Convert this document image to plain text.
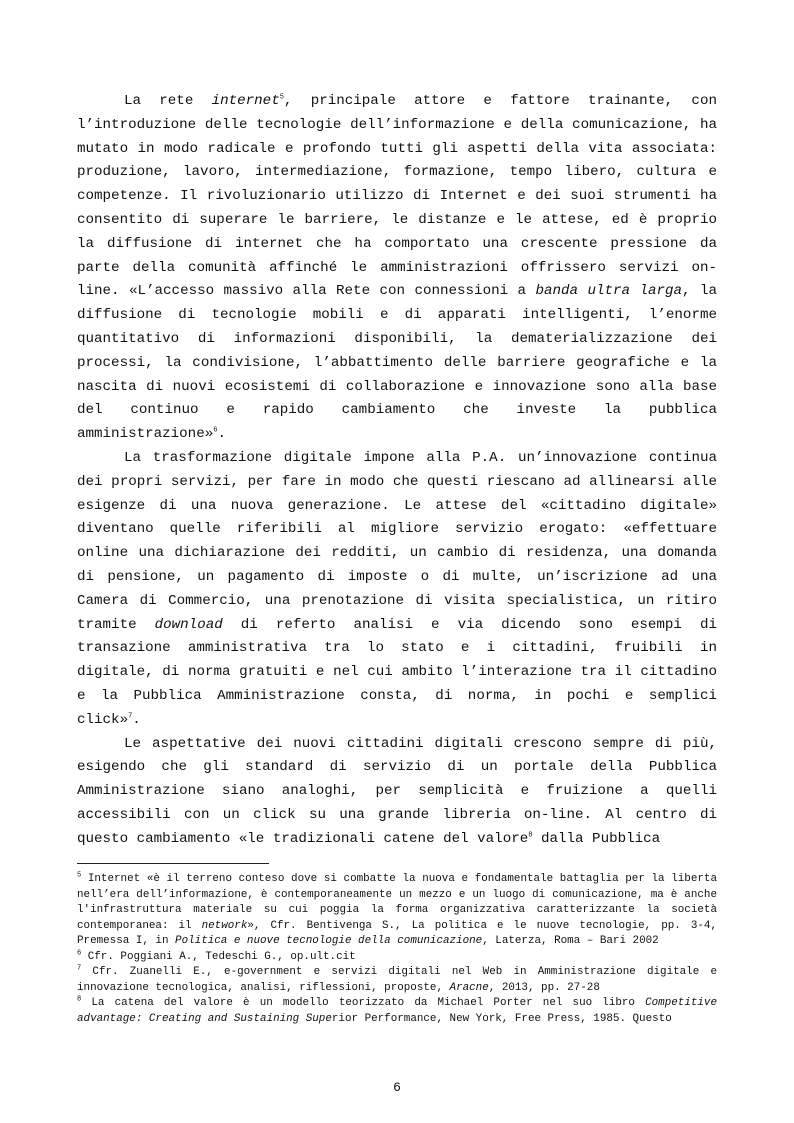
La rete internet$^5$, principale attore e fattore trainante, con l’introduzione delle tecnologie dell’informazione e della comunicazione, ha mutato in modo radicale e profondo tutti gli aspetti della vita associata: produzione, lavoro, intermediazione, formazione, tempo libero, cultura e competenze. Il rivoluzionario utilizzo di Internet e dei suoi strumenti ha consentito di superare le barriere, le distanze e le attese, ed è proprio la diffusione di internet che ha comportato una crescente pressione da parte della comunità affinché le amministrazioni offrissero servizi on-line. «L’accesso massivo alla Rete con connessioni a banda ultra larga, la diffusione di tecnologie mobili e di apparati intelligenti, l’enorme quantitativo di informazioni disponibili, la dematerializzazione dei processi, la condivisione, l’abbattimento delle barriere geografiche e la nascita di nuovi ecosistemi di collaborazione e innovazione sono alla base del continuo e rapido cambiamento che investe la pubblica amministrazione»$^6$.

La trasformazione digitale impone alla P.A. un’innovazione continua dei propri servizi, per fare in modo che questi riescano ad allinearsi alle esigenze di una nuova generazione. Le attese del «cittadino digitale» diventano quelle riferibili al migliore servizio erogato: «effettuare online una dichiarazione dei redditi, un cambio di residenza, una domanda di pensione, un pagamento di imposte o di multe, un’iscrizione ad una Camera di Commercio, una prenotazione di visita specialistica, un ritiro tramite download di referto analisi e via dicendo sono esempi di transazione amministrativa tra lo stato e i cittadini, fruibili in digitale, di norma gratuiti e nel cui ambito l’interazione tra il cittadino e la Pubblica Amministrazione consta, di norma, in pochi e semplici click»$^7$.

Le aspettative dei nuovi cittadini digitali crescono sempre di più, esigendo che gli standard di servizio di un portale della Pubblica Amministrazione siano analoghi, per semplicità e fruizione a quelli accessibili con un click su una grande libreria on-line. Al centro di questo cambiamento «le tradizionali catene del valore$^8$ dalla Pubblica

$^5$ Internet «è il terreno conteso dove si combatte la nuova e fondamentale battaglia per la liberta nell’era dell’informazione, è contemporaneamente un mezzo e un luogo di comunicazione, ma è anche l'infrastruttura materiale su cui poggia la forma organizzativa caratterizzante la società contemporanea: il network», Cfr. Bentivenga S., La politica e le nuove tecnologie, pp. 3-4, Premessa I, in Politica e nuove tecnologie della comunicazione, Laterza, Roma – Bari 2002

$^6$ Cfr. Poggiani A., Tedeschi G., op.ult.cit

$^7$ Cfr. Zuanelli E., e-government e servizi digitali nel Web in Amministrazione digitale e innovazione tecnologica, analisi, riflessioni, proposte, Aracne, 2013, pp. 27-28

$^8$ La catena del valore è un modello teorizzato da Michael Porter nel suo libro Competitive advantage: Creating and Sustaining Superior Performance, New York, Free Press, 1985. Questo

6
